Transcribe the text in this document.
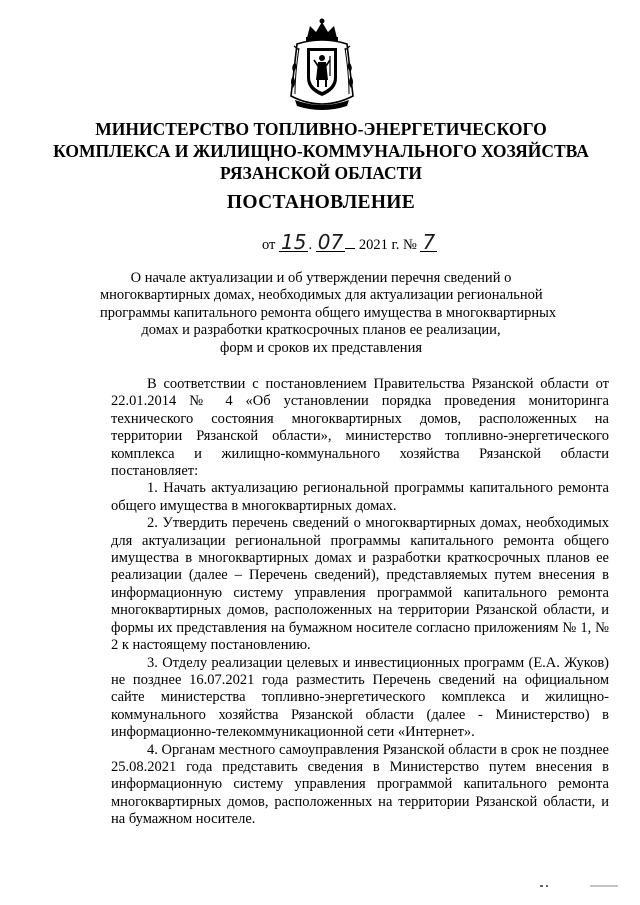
МИНИСТЕРСТВО ТОПЛИВНО-ЭНЕРГЕТИЧЕСКОГО
КОМПЛЕКСА И ЖИЛИЩНО-КОММУНАЛЬНОГО ХОЗЯЙСТВА
РЯЗАНСКОЙ ОБЛАСТИ
ПОСТАНОВЛЕНИЕ
от 15 . 07 2021 г. № 7
О начале актуализации и об утверждении перечня сведений о
многоквартирных домах, необходимых для актуализации региональной
программы капитального ремонта общего имущества в многоквартирных
домах и разработки краткосрочных планов ее реализации,
форм и сроков их представления

В соответствии с постановлением Правительства Рязанской области от 22.01.2014 № 4 «Об установлении порядка проведения мониторинга технического состояния многоквартирных домов, расположенных на территории Рязанской области», министерство топливно-энергетического комплекса и жилищно-коммунального хозяйства Рязанской области постановляет:

1. Начать актуализацию региональной программы капитального ремонта общего имущества в многоквартирных домах.

2. Утвердить перечень сведений о многоквартирных домах, необходимых для актуализации региональной программы капитального ремонта общего имущества в многоквартирных домах и разработки краткосрочных планов ее реализации (далее – Перечень сведений), представляемых путем внесения в информационную систему управления программой капитального ремонта многоквартирных домов, расположенных на территории Рязанской области, и формы их представления на бумажном носителе согласно приложениям № 1, № 2 к настоящему постановлению.

3. Отделу реализации целевых и инвестиционных программ (Е.А. Жуков) не позднее 16.07.2021 года разместить Перечень сведений на официальном сайте министерства топливно-энергетического комплекса и жилищно-коммунального хозяйства Рязанской области (далее - Министерство) в информационно-телекоммуникационной сети «Интернет».

4. Органам местного самоуправления Рязанской области в срок не позднее 25.08.2021 года представить сведения в Министерство путем внесения в информационную систему управления программой капитального ремонта многоквартирных домов, расположенных на территории Рязанской области, и на бумажном носителе.
